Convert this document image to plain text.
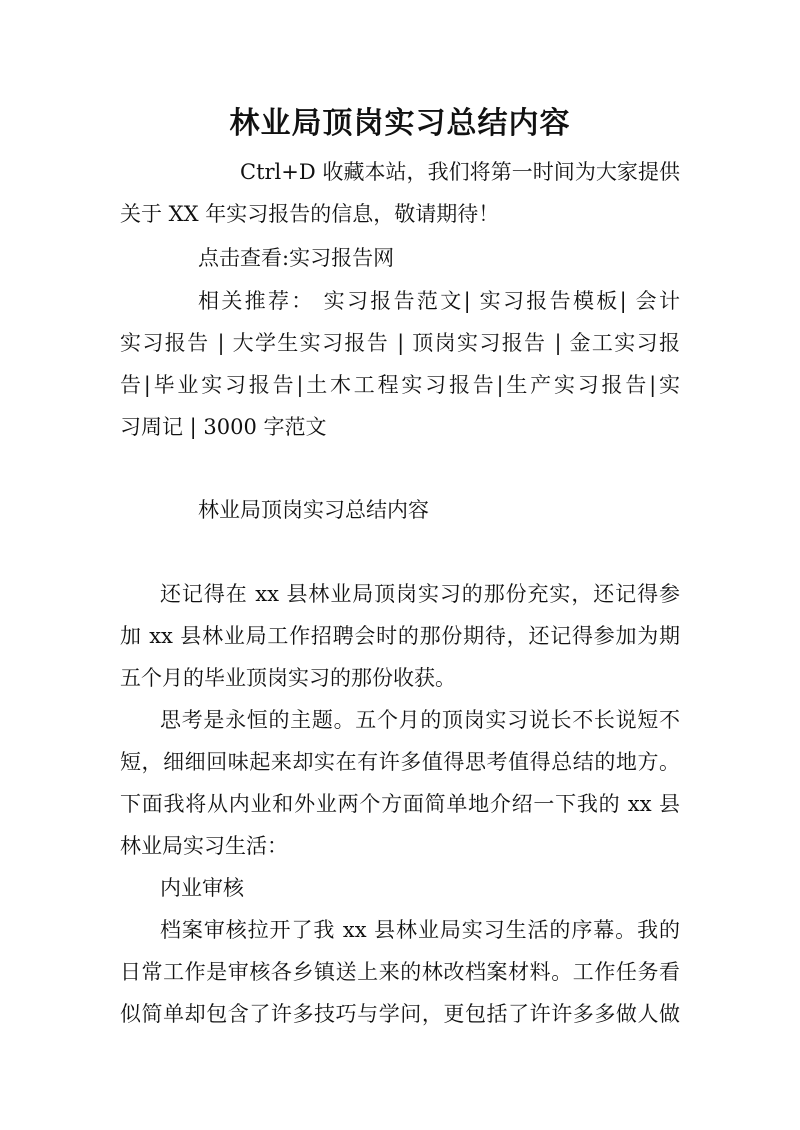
林业局顶岗实习总结内容
Ctrl+D 收藏本站，我们将第一时间为大家提供
关于 XX 年实习报告的信息，敬请期待！
点击查看:实习报告网
相关推荐： 实习报告范文| 实习报告模板| 会计
实习报告 | 大学生实习报告 | 顶岗实习报告 | 金工实习报
告|毕业实习报告|土木工程实习报告|生产实习报告|实
习周记 | 3000 字范文
林业局顶岗实习总结内容
还记得在 xx 县林业局顶岗实习的那份充实，还记得参
加 xx 县林业局工作招聘会时的那份期待，还记得参加为期
五个月的毕业顶岗实习的那份收获。
思考是永恒的主题。五个月的顶岗实习说长不长说短不
短，细细回味起来却实在有许多值得思考值得总结的地方。
下面我将从内业和外业两个方面简单地介绍一下我的 xx 县
林业局实习生活：
内业审核
档案审核拉开了我 xx 县林业局实习生活的序幕。我的
日常工作是审核各乡镇送上来的林改档案材料。工作任务看
似简单却包含了许多技巧与学问，更包括了许许多多做人做
